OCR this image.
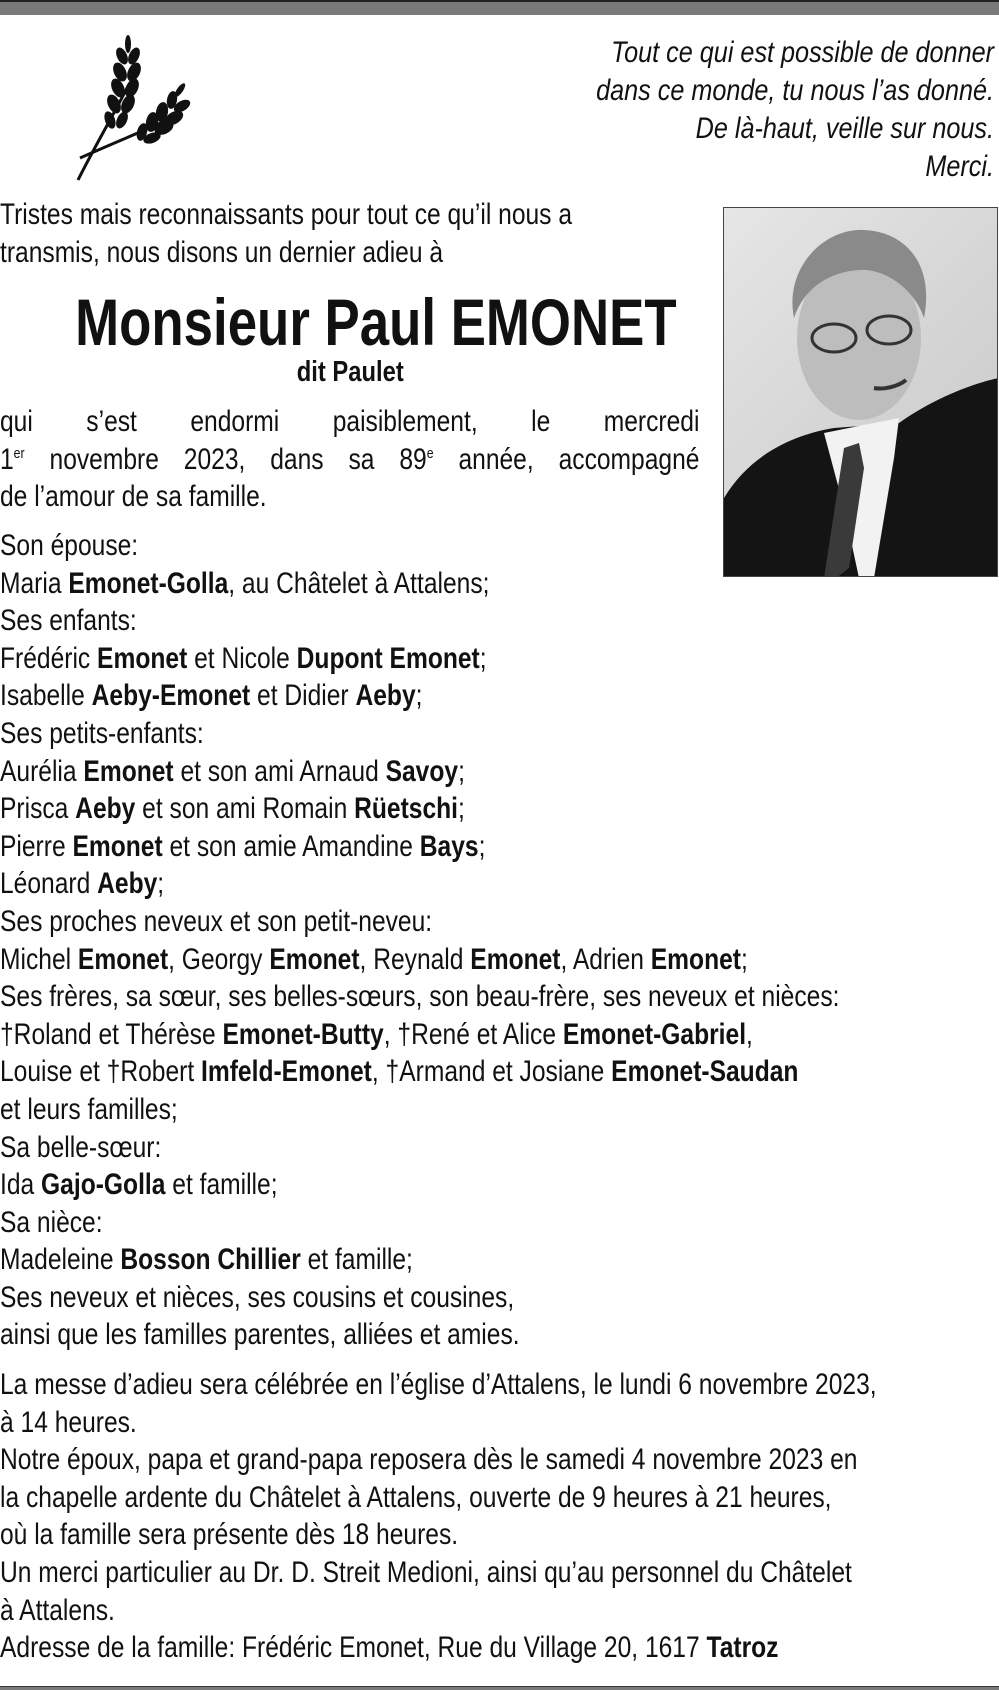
Tout ce qui est possible de donner
dans ce monde, tu nous l’as donné.
De là-haut, veille sur nous.
Merci.
Tristes mais reconnaissants pour tout ce qu’il nous a
transmis, nous disons un dernier adieu à
Monsieur Paul EMONET
dit Paulet
qui s’est endormi paisiblement, le mercredi
1er novembre 2023, dans sa 89e année, accompagné
de l’amour de sa famille.
Son épouse:
Maria Emonet-Golla, au Châtelet à Attalens;
Ses enfants:
Frédéric Emonet et Nicole Dupont Emonet;
Isabelle Aeby-Emonet et Didier Aeby;
Ses petits-enfants:
Aurélia Emonet et son ami Arnaud Savoy;
Prisca Aeby et son ami Romain Rüetschi;
Pierre Emonet et son amie Amandine Bays;
Léonard Aeby;
Ses proches neveux et son petit-neveu:
Michel Emonet, Georgy Emonet, Reynald Emonet, Adrien Emonet;
Ses frères, sa sœur, ses belles-sœurs, son beau-frère, ses neveux et nièces:
†Roland et Thérèse Emonet-Butty, †René et Alice Emonet-Gabriel,
Louise et †Robert Imfeld-Emonet, †Armand et Josiane Emonet-Saudan
et leurs familles;
Sa belle-sœur:
Ida Gajo-Golla et famille;
Sa nièce:
Madeleine Bosson Chillier et famille;
Ses neveux et nièces, ses cousins et cousines,
ainsi que les familles parentes, alliées et amies.
La messe d’adieu sera célébrée en l’église d’Attalens, le lundi 6 novembre 2023,
à 14 heures.
Notre époux, papa et grand-papa reposera dès le samedi 4 novembre 2023 en
la chapelle ardente du Châtelet à Attalens, ouverte de 9 heures à 21 heures,
où la famille sera présente dès 18 heures.
Un merci particulier au Dr. D. Streit Medioni, ainsi qu’au personnel du Châtelet
à Attalens.
Adresse de la famille: Frédéric Emonet, Rue du Village 20, 1617 Tatroz
